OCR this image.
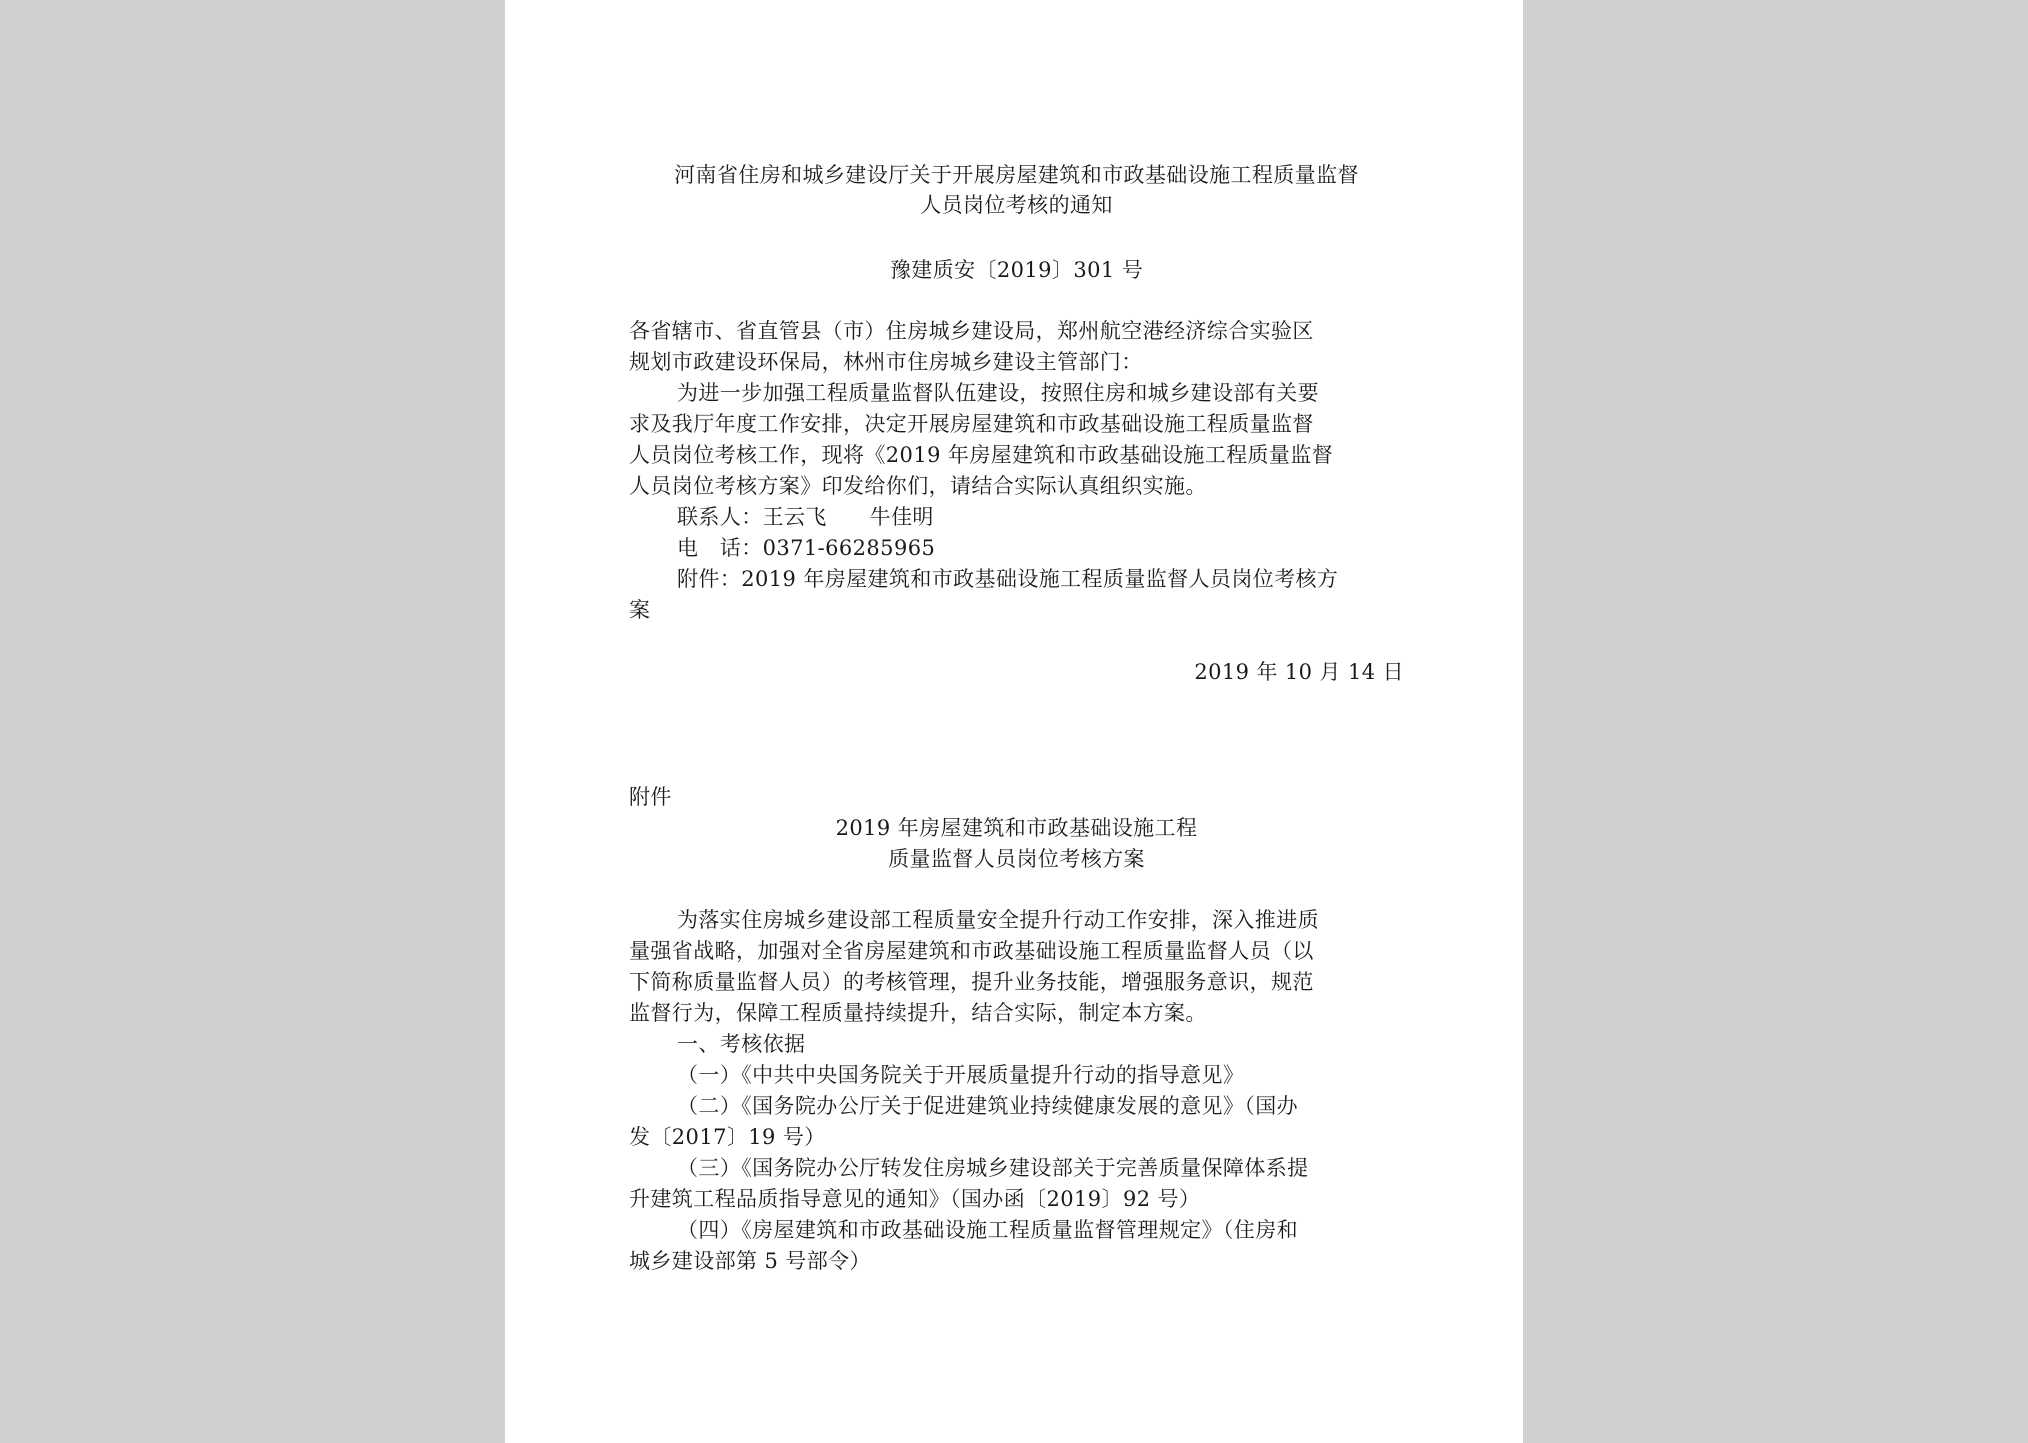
河南省住房和城乡建设厅关于开展房屋建筑和市政基础设施工程质量监督
人员岗位考核的通知
豫建质安〔2019〕301 号
各省辖市、省直管县（市）住房城乡建设局，郑州航空港经济综合实验区
规划市政建设环保局，林州市住房城乡建设主管部门：
为进一步加强工程质量监督队伍建设，按照住房和城乡建设部有关要
求及我厅年度工作安排，决定开展房屋建筑和市政基础设施工程质量监督
人员岗位考核工作，现将《2019 年房屋建筑和市政基础设施工程质量监督
人员岗位考核方案》印发给你们，请结合实际认真组织实施。
联系人：王云飞　　牛佳明
电　话：0371-66285965
附件：2019 年房屋建筑和市政基础设施工程质量监督人员岗位考核方
案
2019 年 10 月 14 日
附件
2019 年房屋建筑和市政基础设施工程
质量监督人员岗位考核方案
为落实住房城乡建设部工程质量安全提升行动工作安排，深入推进质
量强省战略，加强对全省房屋建筑和市政基础设施工程质量监督人员（以
下简称质量监督人员）的考核管理，提升业务技能，增强服务意识，规范
监督行为，保障工程质量持续提升，结合实际，制定本方案。
一、考核依据
（一）《中共中央国务院关于开展质量提升行动的指导意见》
（二）《国务院办公厅关于促进建筑业持续健康发展的意见》（国办
发〔2017〕19 号）
（三）《国务院办公厅转发住房城乡建设部关于完善质量保障体系提
升建筑工程品质指导意见的通知》（国办函〔2019〕92 号）
（四）《房屋建筑和市政基础设施工程质量监督管理规定》（住房和
城乡建设部第 5 号部令）
